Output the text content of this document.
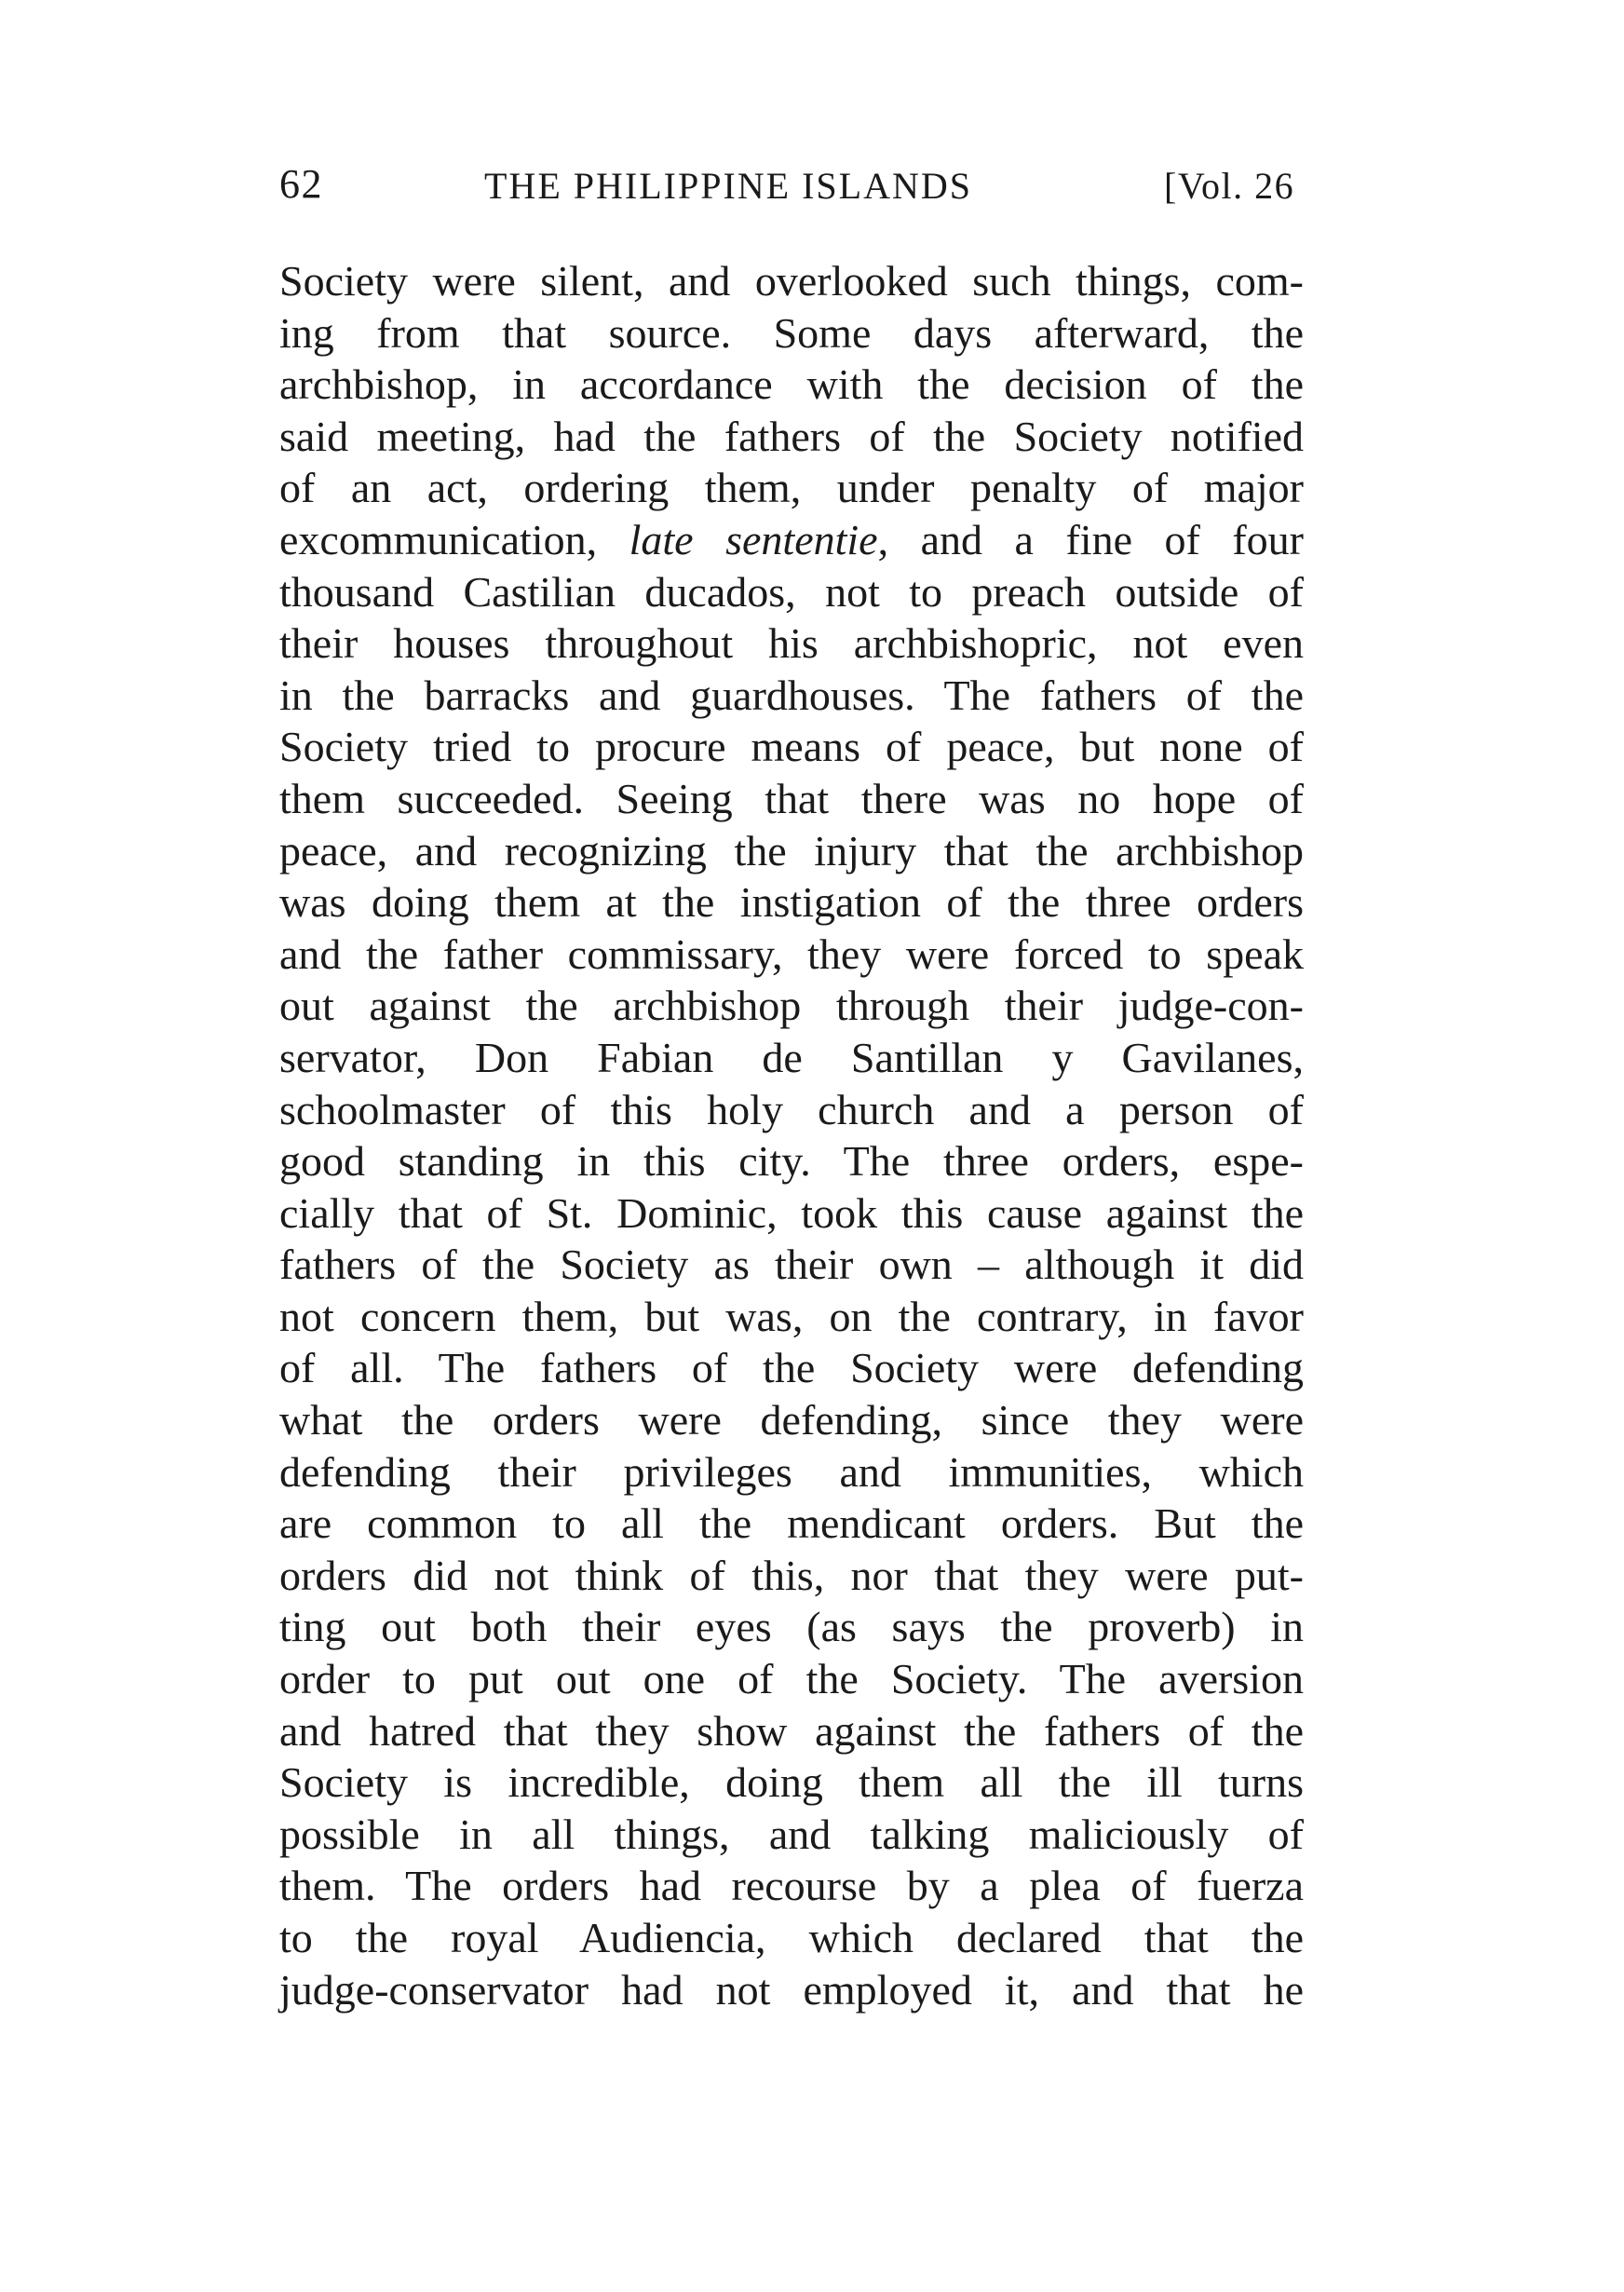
62	THE PHILIPPINE ISLANDS	[Vol. 26
Society were silent, and overlooked such things, com-
ing from that source. Some days afterward, the
archbishop, in accordance with the decision of the
said meeting, had the fathers of the Society notified
of an act, ordering them, under penalty of major
excommunication, late sententie, and a fine of four
thousand Castilian ducados, not to preach outside of
their houses throughout his archbishopric, not even
in the barracks and guardhouses. The fathers of the
Society tried to procure means of peace, but none of
them succeeded. Seeing that there was no hope of
peace, and recognizing the injury that the archbishop
was doing them at the instigation of the three orders
and the father commissary, they were forced to speak
out against the archbishop through their judge-con-
servator, Don Fabian de Santillan y Gavilanes,
schoolmaster of this holy church and a person of
good standing in this city. The three orders, espe-
cially that of St. Dominic, took this cause against the
fathers of the Society as their own – although it did
not concern them, but was, on the contrary, in favor
of all. The fathers of the Society were defending
what the orders were defending, since they were
defending their privileges and immunities, which
are common to all the mendicant orders. But the
orders did not think of this, nor that they were put-
ting out both their eyes (as says the proverb) in
order to put out one of the Society. The aversion
and hatred that they show against the fathers of the
Society is incredible, doing them all the ill turns
possible in all things, and talking maliciously of
them. The orders had recourse by a plea of fuerza
to the royal Audiencia, which declared that the
judge-conservator had not employed it, and that he
